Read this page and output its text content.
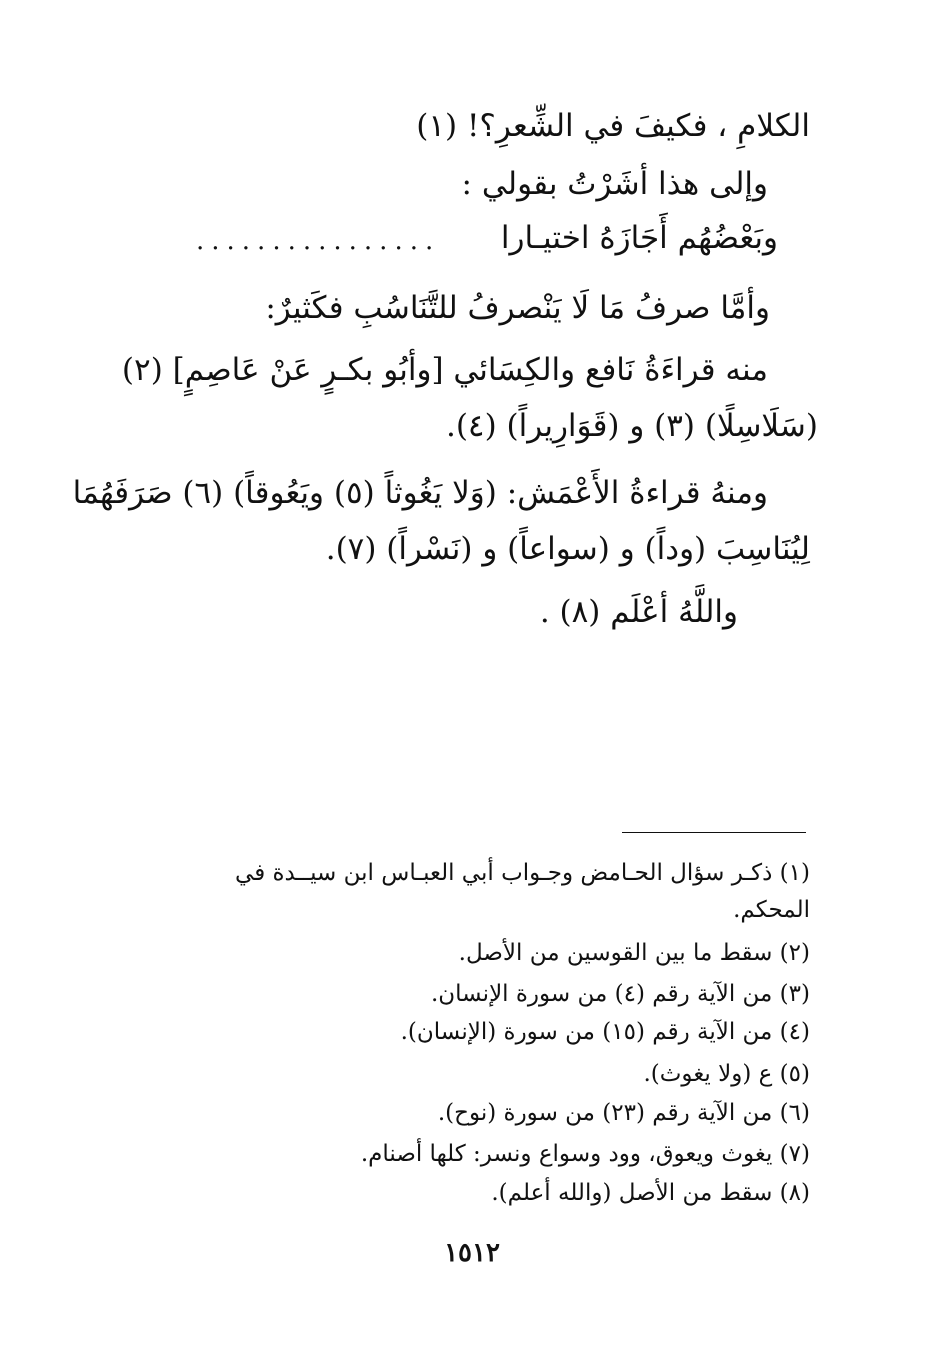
الكلامِ ، فكيفَ في الشِّعرِ؟! (١)
وإلى هذا أشَرْتُ بقولي :
وبَعْضُهُم أَجَازَهُ اختيـارا
................
وأمَّا صرفُ مَا لَا يَنْصرفُ للتَّنَاسُبِ فكَثيرٌ:
منه قراءَةُ نَافع والكِسَائي [وأبُو بكـرٍ عَنْ عَاصِمٍ] (٢)
(سَلَاسِلًا) (٣) و (قَوَارِيراً) (٤).
ومنهُ قراءةُ الأَعْمَش: (وَلا يَغُوثاً (٥) ويَعُوقاً) (٦) صَرَفَهُمَا
لِيُنَاسِبَ (وداً) و (سواعاً) و (نَسْراً) (٧).
واللَّهُ أعْلَم (٨) .
(١) ذكـر سؤال الحـامض وجـواب أبي العبـاس ابن سيــدة في
المحكم.
(٢) سقط ما بين القوسين من الأصل.
(٣) من الآية رقم (٤) من سورة الإنسان.
(٤) من الآية رقم (١٥) من سورة (الإنسان).
(٥) ع (ولا يغوث).
(٦) من الآية رقم (٢٣) من سورة (نوح).
(٧) يغوث ويعوق، وود وسواع ونسر: كلها أصنام.
(٨) سقط من الأصل (والله أعلم).
١٥١٢
